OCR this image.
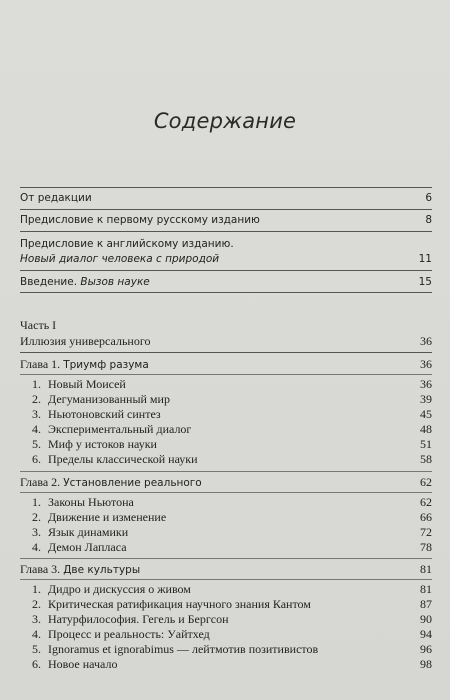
Содержание
От редакции	6
Предисловие к первому русскому изданию	8
Предисловие к английскому изданию.
Новый диалог человека с природой	11
Введение. Вызов науке	15
Часть I
Иллюзия универсального	36
Глава 1. Триумф разума	36
1. Новый Моисей	36
2. Дегуманизованный мир	39
3. Ньютоновский синтез	45
4. Экспериментальный диалог	48
5. Миф у истоков науки	51
6. Пределы классической науки	58
Глава 2. Установление реального	62
1. Законы Ньютона	62
2. Движение и изменение	66
3. Язык динамики	72
4. Демон Лапласа	78
Глава 3. Две культуры	81
1. Дидро и дискуссия о живом	81
2. Критическая ратификация научного знания Кантом	87
3. Натурфилософия. Гегель и Бергсон	90
4. Процесс и реальность: Уайтхед	94
5. Ignoramus et ignorabimus — лейтмотив позитивистов	96
6. Новое начало	98
